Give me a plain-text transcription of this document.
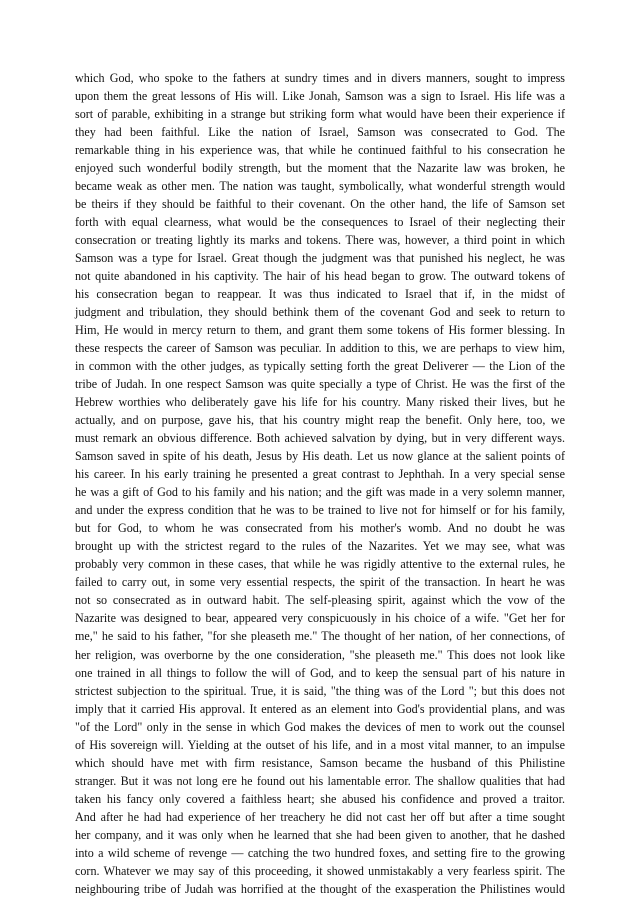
which God, who spoke to the fathers at sundry times and in divers manners, sought to impress
upon them the great lessons of His will. Like Jonah, Samson was a sign to Israel. His life was a
sort of parable, exhibiting in a strange but striking form what would have been their experience if
they had been faithful. Like the nation of Israel, Samson was consecrated to God. The
remarkable thing in his experience was, that while he continued faithful to his consecration he
enjoyed such wonderful bodily strength, but the moment that the Nazarite law was broken, he
became weak as other men. The nation was taught, symbolically, what wonderful strength would
be theirs if they should be faithful to their covenant. On the other hand, the life of Samson set
forth with equal clearness, what would be the consequences to Israel of their neglecting their
consecration or treating lightly its marks and tokens. There was, however, a third point in which
Samson was a type for Israel. Great though the judgment was that punished his neglect, he was
not quite abandoned in his captivity. The hair of his head began to grow. The outward tokens of
his consecration began to reappear. It was thus indicated to Israel that if, in the midst of
judgment and tribulation, they should bethink them of the covenant God and seek to return to
Him, He would in mercy return to them, and grant them some tokens of His former blessing. In
these respects the career of Samson was peculiar. In addition to this, we are perhaps to view him,
in common with the other judges, as typically setting forth the great Deliverer — the Lion of the
tribe of Judah. In one respect Samson was quite specially a type of Christ. He was the first of the
Hebrew worthies who deliberately gave his life for his country. Many risked their lives, but he
actually, and on purpose, gave his, that his country might reap the benefit. Only here, too, we
must remark an obvious difference. Both achieved salvation by dying, but in very different ways.
Samson saved in spite of his death, Jesus by His death. Let us now glance at the salient points of
his career. In his early training he presented a great contrast to Jephthah. In a very special sense
he was a gift of God to his family and his nation; and the gift was made in a very solemn manner,
and under the express condition that he was to be trained to live not for himself or for his family,
but for God, to whom he was consecrated from his mother's womb. And no doubt he was
brought up with the strictest regard to the rules of the Nazarites. Yet we may see, what was
probably very common in these cases, that while he was rigidly attentive to the external rules, he
failed to carry out, in some very essential respects, the spirit of the transaction. In heart he was
not so consecrated as in outward habit. The self-pleasing spirit, against which the vow of the
Nazarite was designed to bear, appeared very conspicuously in his choice of a wife. "Get her for
me," he said to his father, "for she pleaseth me." The thought of her nation, of her connections, of
her religion, was overborne by the one consideration, "she pleaseth me." This does not look like
one trained in all things to follow the will of God, and to keep the sensual part of his nature in
strictest subjection to the spiritual. True, it is said, "the thing was of the Lord "; but this does not
imply that it carried His approval. It entered as an element into God's providential plans, and was
"of the Lord" only in the sense in which God makes the devices of men to work out the counsel
of His sovereign will. Yielding at the outset of his life, and in a most vital manner, to an impulse
which should have met with firm resistance, Samson became the husband of this Philistine
stranger. But it was not long ere he found out his lamentable error. The shallow qualities that had
taken his fancy only covered a faithless heart; she abused his confidence and proved a traitor.
And after he had had experience of her treachery he did not cast her off but after a time sought
her company, and it was only when he learned that she had been given to another, that he dashed
into a wild scheme of revenge — catching the two hundred foxes, and setting fire to the growing
corn. Whatever we may say of this proceeding, it showed unmistakably a very fearless spirit. The
neighbouring tribe of Judah was horrified at the thought of the exasperation the Philistines would
